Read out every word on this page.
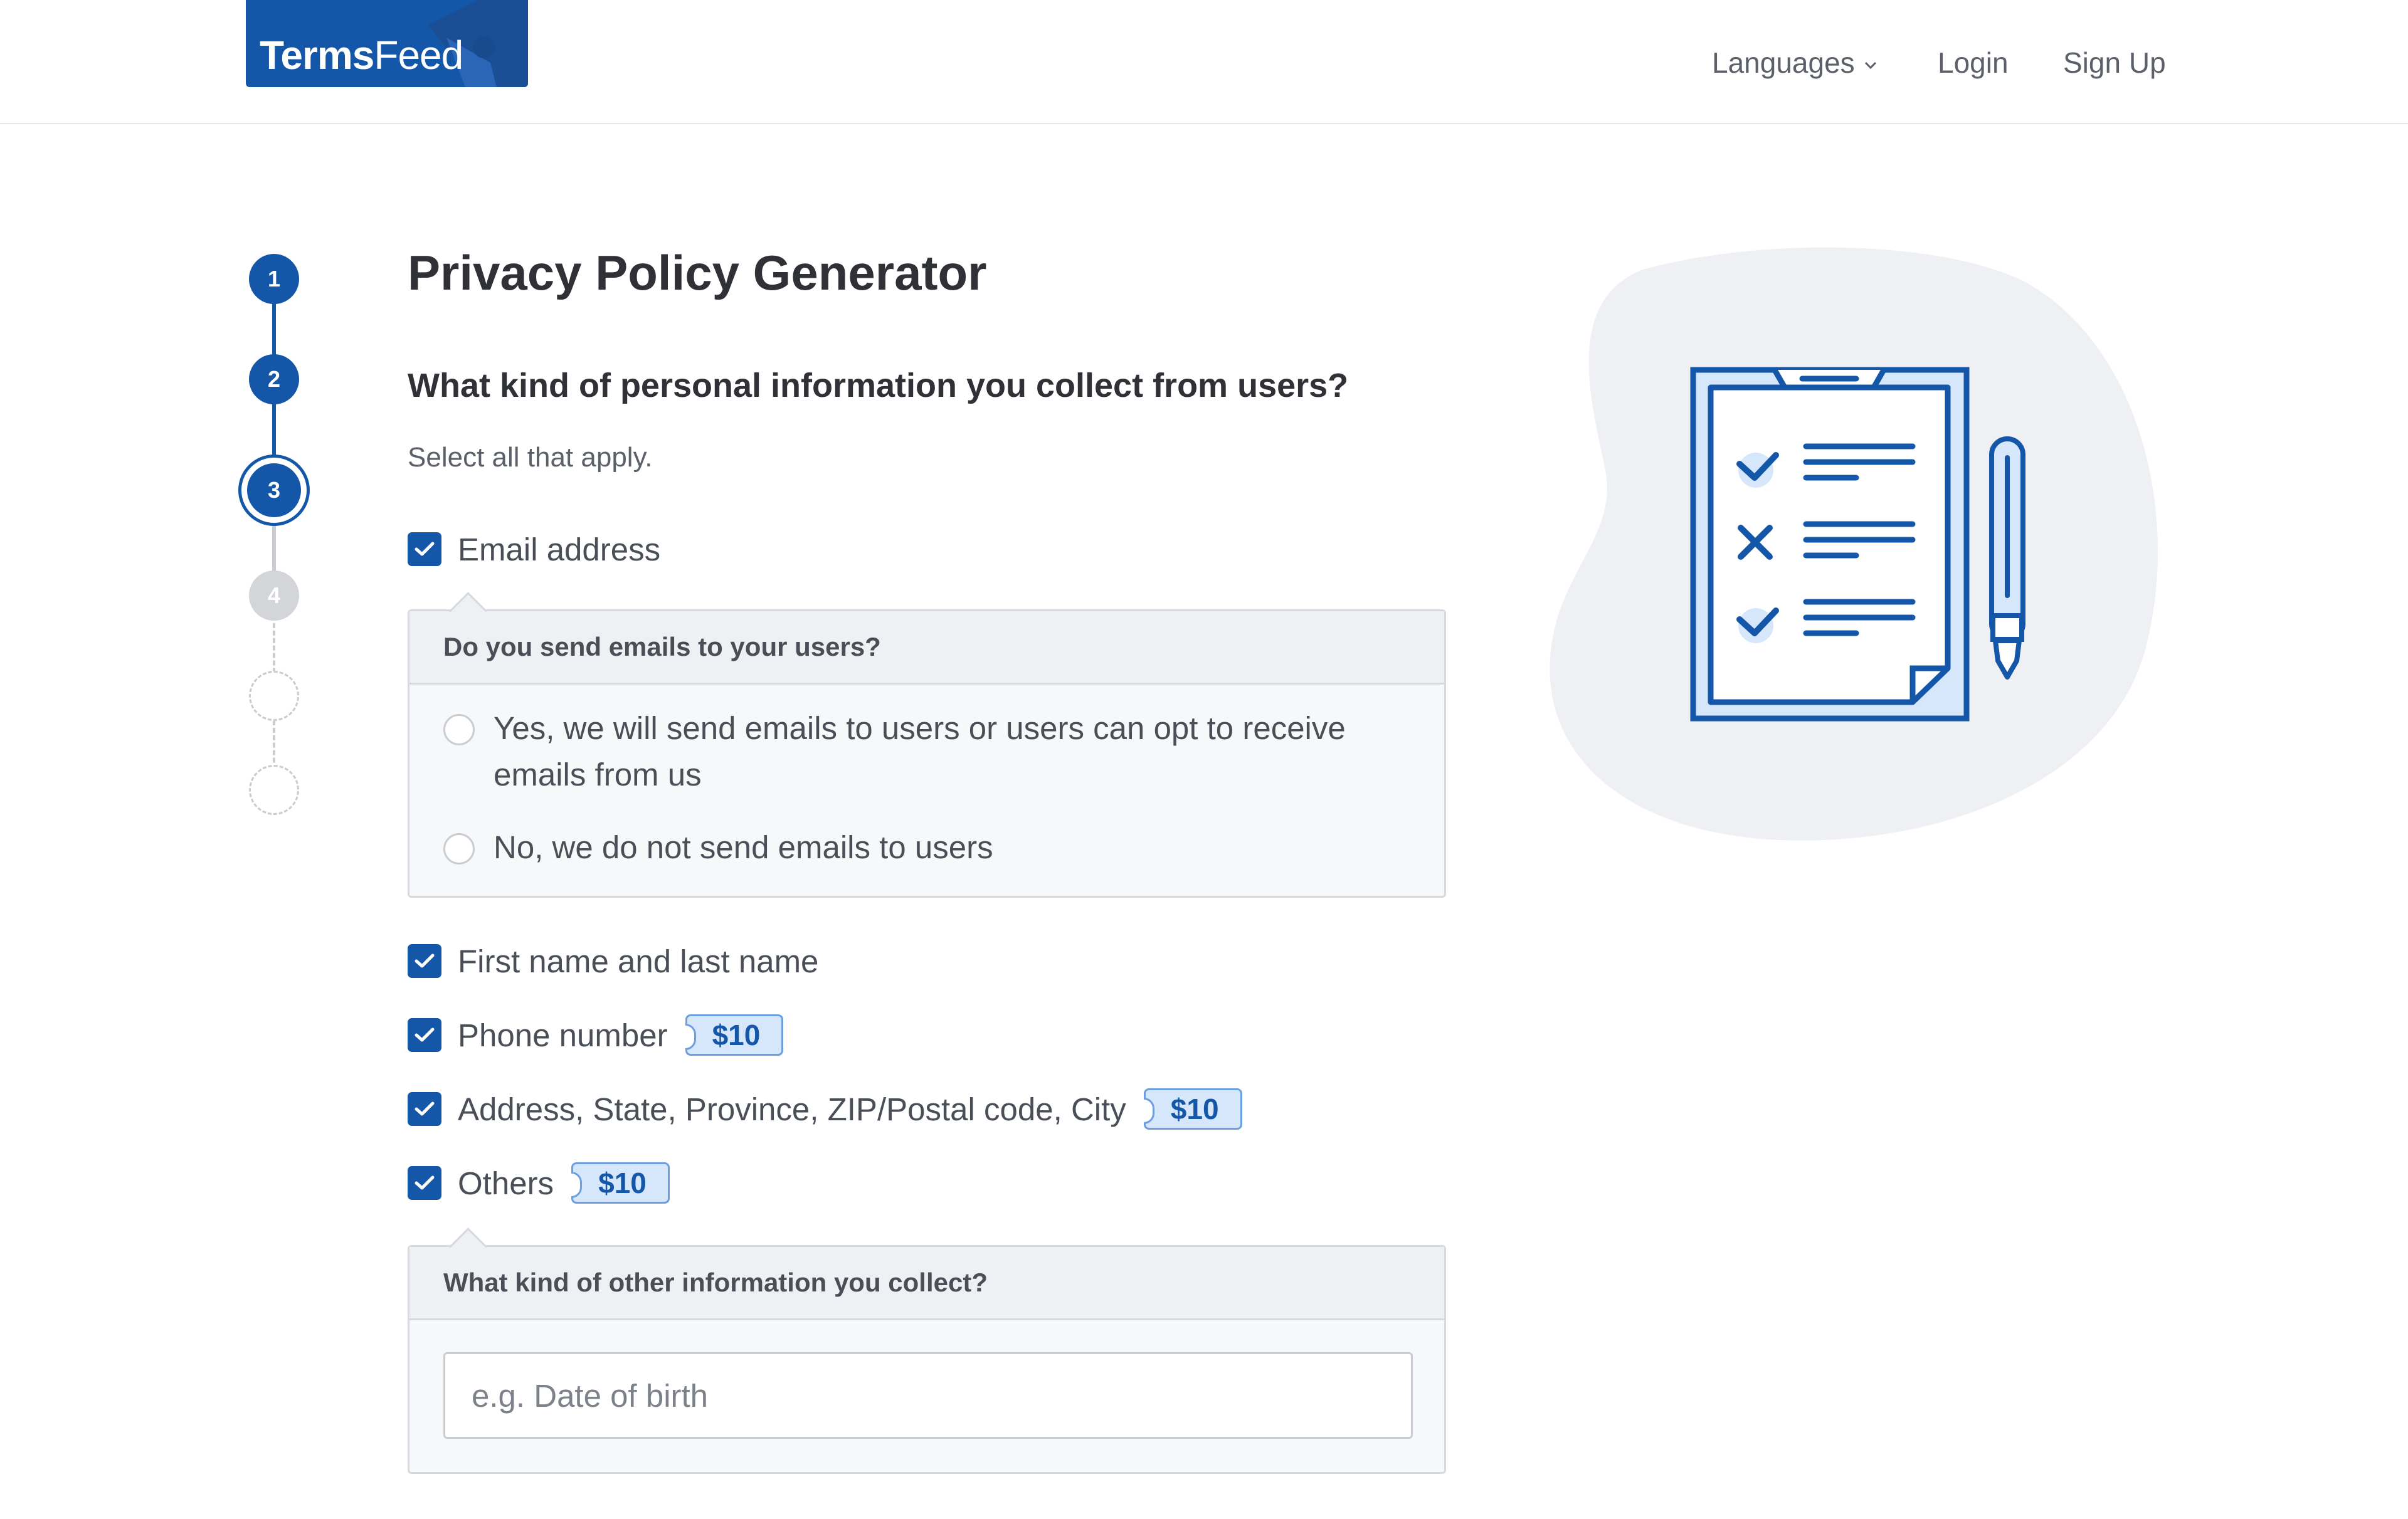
TermsFeed	Languages	Login Sign Up
1
2
3
4
Privacy Policy Generator
What kind of personal information you collect from users?
Select all that apply.
Email address
Do you send emails to your users?
Yes, we will send emails to users or users can opt to receive
emails from us
No, we do not send emails to users
First name and last name
Phone number	$10
Address, State, Province, ZIP/Postal code, City	$10
Others	$10
What kind of other information you collect?
e.g. Date of birth
